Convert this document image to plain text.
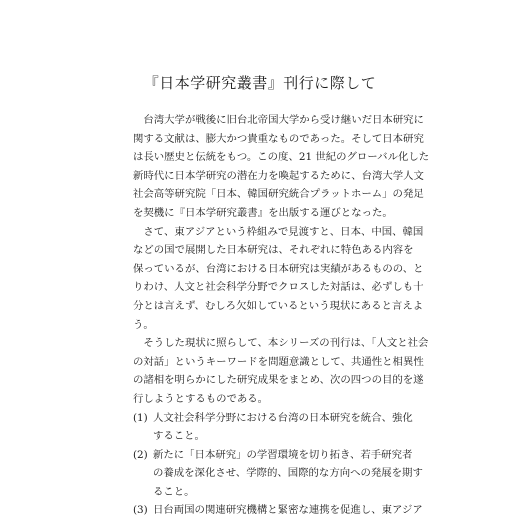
『日本学研究叢書』刊行に際して
　台湾大学が戦後に旧台北帝国大学から受け継いだ日本研究に
関する文献は、膨大かつ貴重なものであった。そして日本研究
は長い歴史と伝統をもつ。この度、21 世紀のグローバル化した
新時代に日本学研究の潜在力を喚起するために、台湾大学人文
社会高等研究院「日本、韓国研究統合プラットホーム」の発足
を契機に『日本学研究叢書』を出版する運びとなった。
　さて、東アジアという枠組みで見渡すと、日本、中国、韓国
などの国で展開した日本研究は、それぞれに特色ある内容を
保っているが、台湾における日本研究は実績があるものの、と
りわけ、人文と社会科学分野でクロスした対話は、必ずしも十
分とは言えず、むしろ欠如しているという現状にあると言えよ
う。
　そうした現状に照らして、本シリーズの刊行は、「人文と社会
の対話」というキーワードを問題意識として、共通性と相異性
の諸相を明らかにした研究成果をまとめ、次の四つの目的を遂
行しようとするものである。
(1) 人文社会科学分野における台湾の日本研究を統合、強化
すること。
(2) 新たに「日本研究」の学習環境を切り拓き、若手研究者
の養成を深化させ、学際的、国際的な方向への発展を期す
ること。
(3) 日台両国の関連研究機構と緊密な連携を促進し、東アジア
